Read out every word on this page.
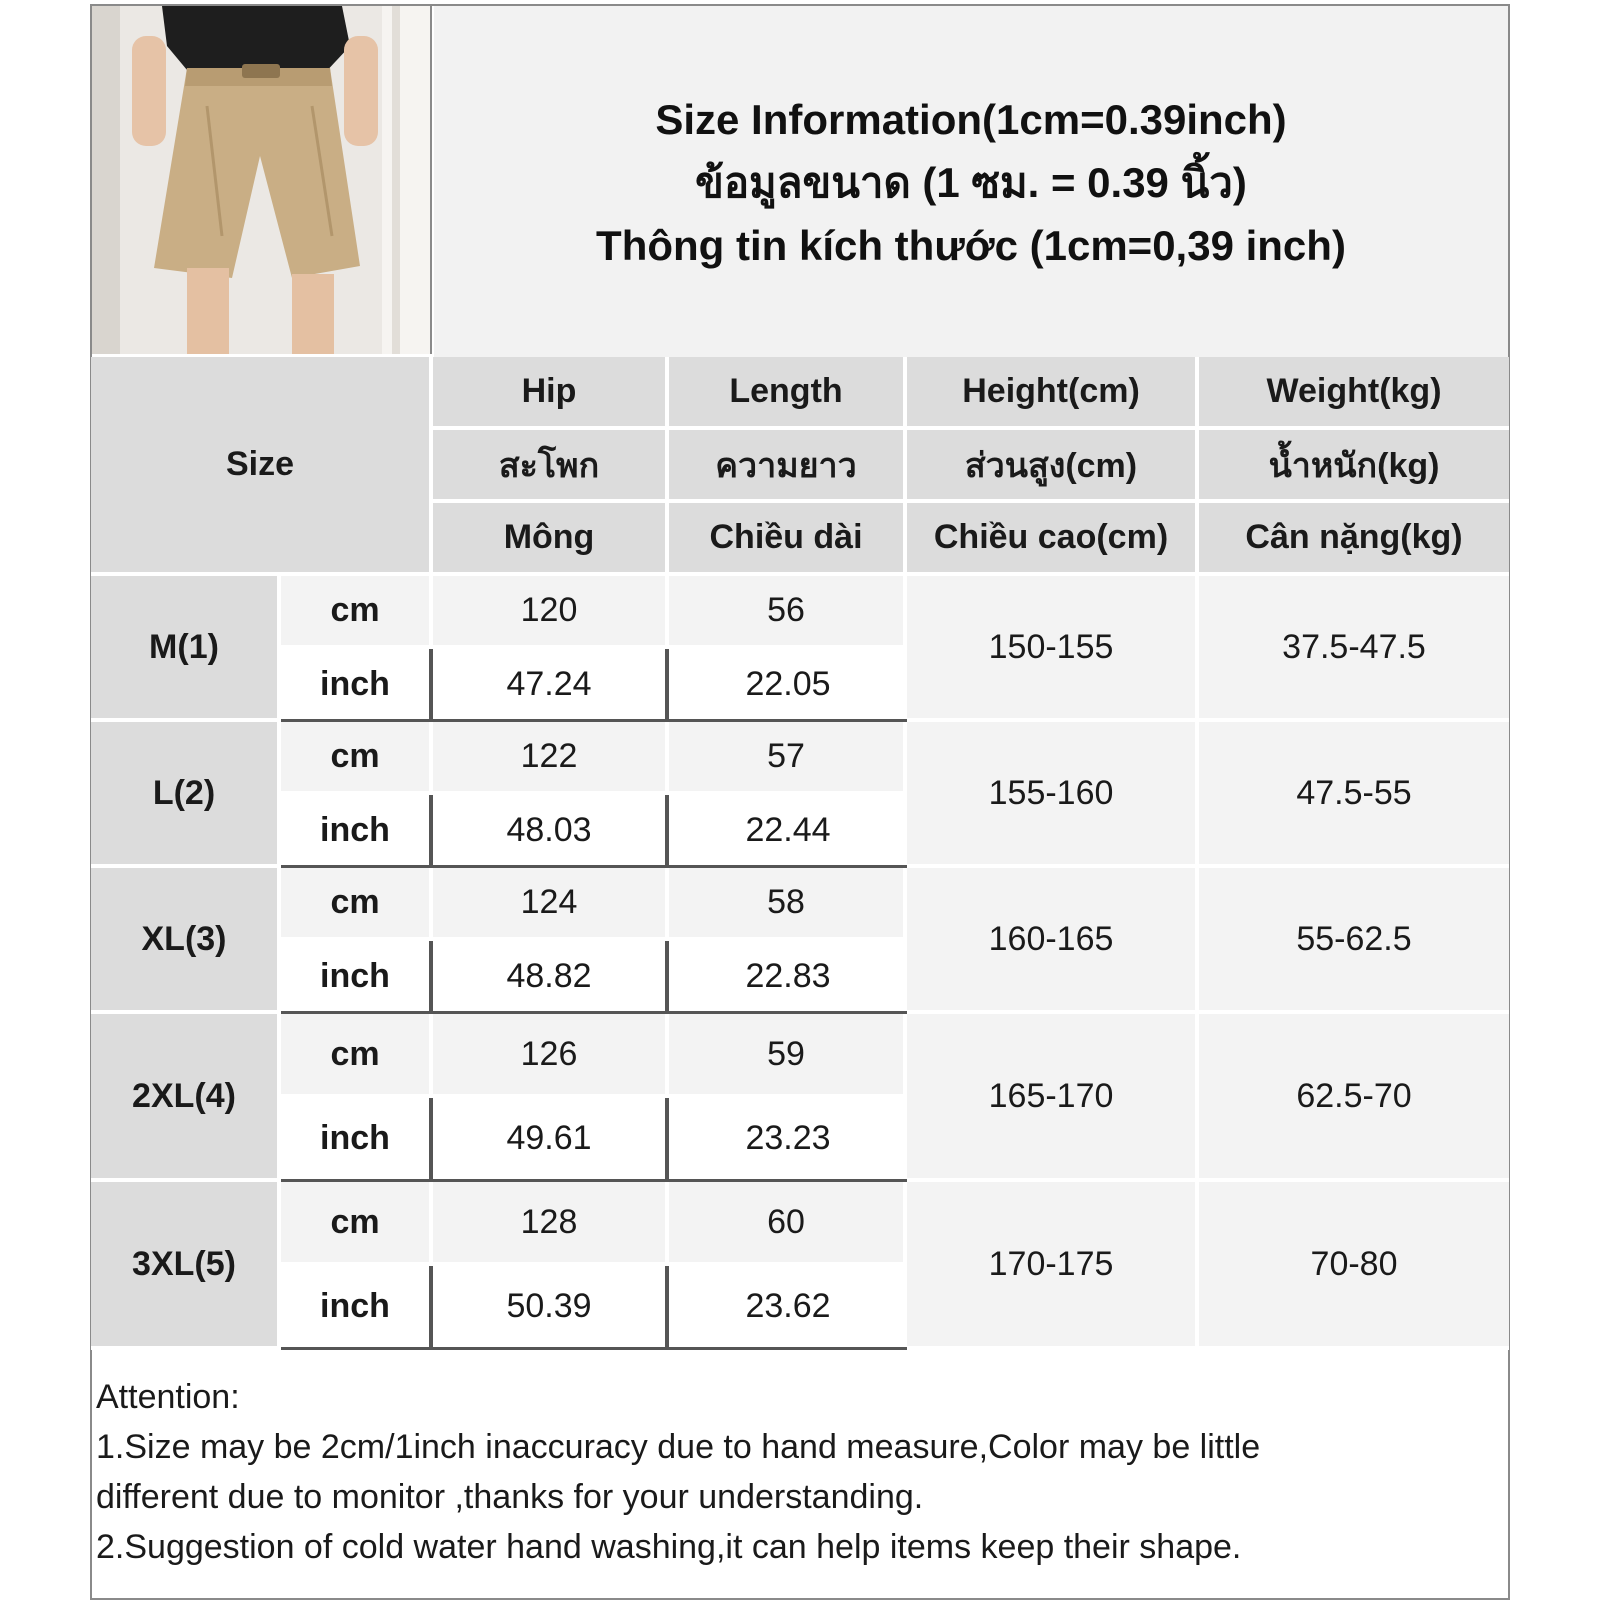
Size Information(1cm=0.39inch)
ข้อมูลขนาด (1 ซม. = 0.39 นิ้ว)
Thông tin kích thước (1cm=0,39 inch)
Size		Hip	Length	Height(cm)	Weight(kg)
		สะโพก	ความยาว	ส่วนสูง(cm)	น้ำหนัก(kg)
		Mông	Chiều dài	Chiều cao(cm)	Cân nặng(kg)
M(1)	cm	120	56	150-155	37.5-47.5
	inch	47.24	22.05		
L(2)	cm	122	57	155-160	47.5-55
	inch	48.03	22.44		
XL(3)	cm	124	58	160-165	55-62.5
	inch	48.82	22.83		
2XL(4)	cm	126	59	165-170	62.5-70
	inch	49.61	23.23		
3XL(5)	cm	128	60	170-175	70-80
	inch	50.39	23.62		
Attention:
1.Size may be 2cm/1inch inaccuracy due to hand measure,Color may be little
different due to monitor ,thanks for your understanding.
2.Suggestion of cold water hand washing,it can help items keep their shape.
